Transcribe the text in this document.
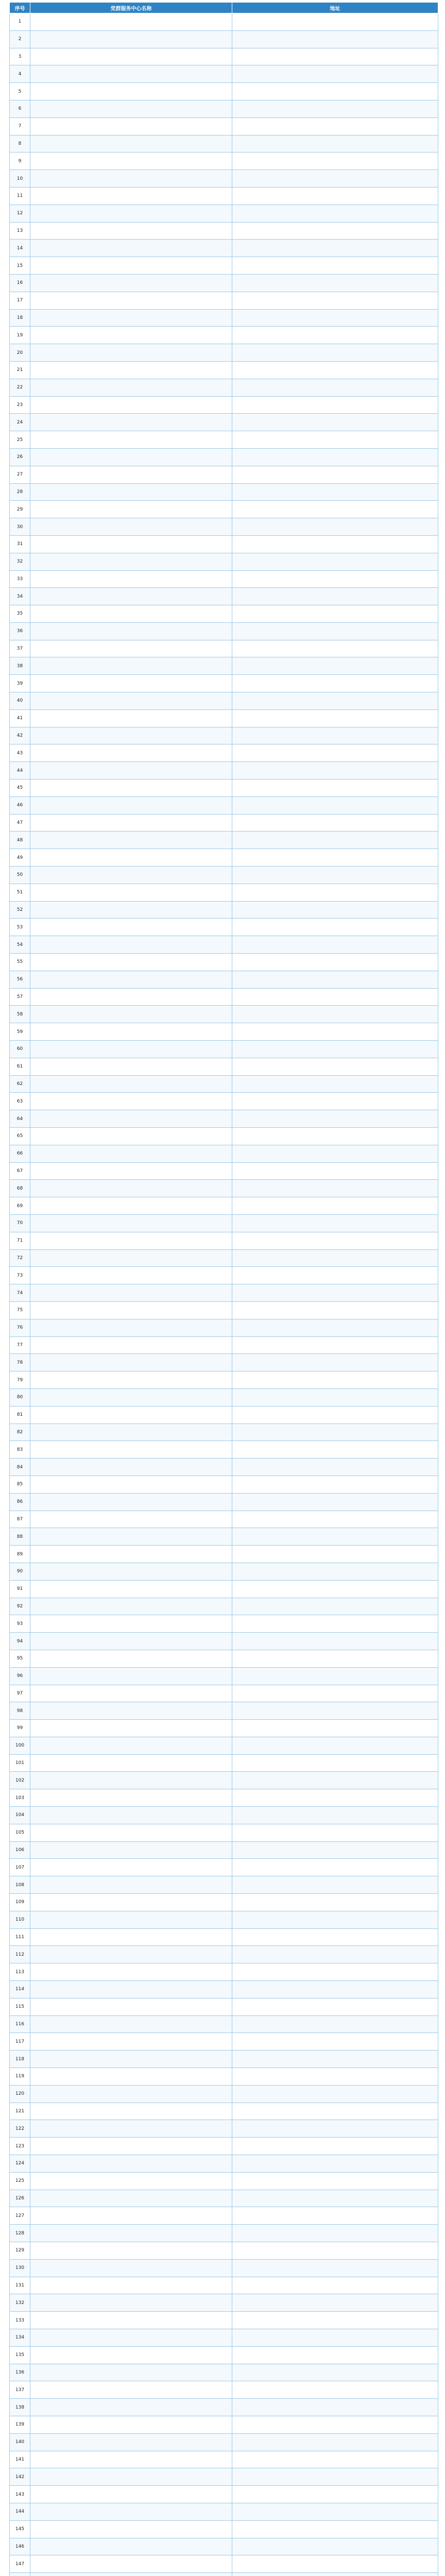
序号	党群服务中心名称	地址
1		
2		
3		
4		
5		
6		
7		
8		
9		
10		
11		
12		
13		
14		
15		
16		
17		
18		
19		
20		
21		
22		
23		
24		
25		
26		
27		
28		
29		
30		
31		
32		
33		
34		
35		
36		
37		
38		
39		
40		
41		
42		
43		
44		
45		
46		
47		
48		
49		
50		
51		
52		
53		
54		
55		
56		
57		
58		
59		
60		
61		
62		
63		
64		
65		
66		
67		
68		
69		
70		
71		
72		
73		
74		
75		
76		
77		
78		
79		
80		
81		
82		
83		
84		
85		
86		
87		
88		
89		
90		
91		
92		
93		
94		
95		
96		
97		
98		
99		
100		
101		
102		
103		
104		
105		
106		
107		
108		
109		
110		
111		
112		
113		
114		
115		
116		
117		
118		
119		
120		
121		
122		
123		
124		
125		
126		
127		
128		
129		
130		
131		
132		
133		
134		
135		
136		
137		
138		
139		
140		
141		
142		
143		
144		
145		
146		
147		
